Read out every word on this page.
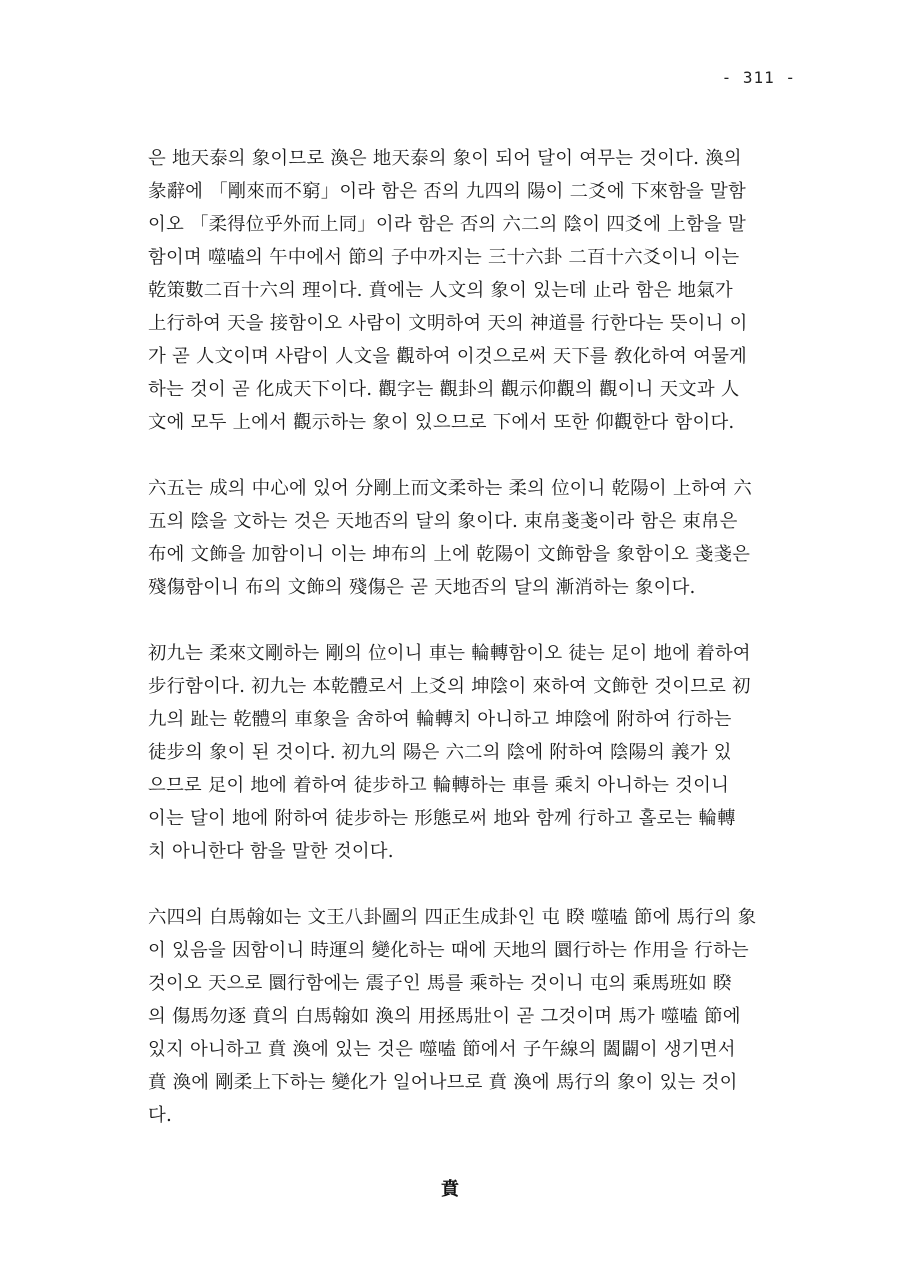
- 311 -
은 地天泰의 象이므로 渙은 地天泰의 象이 되어 달이 여무는 것이다. 渙의
彖辭에 「剛來而不窮」이라 함은 否의 九四의 陽이 二爻에 下來함을 말함
이오 「柔得位乎外而上同」이라 함은 否의 六二의 陰이 四爻에 上함을 말
함이며 噬嗑의 午中에서 節의 子中까지는 三十六卦 二百十六爻이니 이는
乾策數二百十六의 理이다. 賁에는 人文의 象이 있는데 止라 함은 地氣가
上行하여 天을 接함이오 사람이 文明하여 天의 神道를 行한다는 뜻이니 이
가 곧 人文이며 사람이 人文을 觀하여 이것으로써 天下를 敎化하여 여물게
하는 것이 곧 化成天下이다. 觀字는 觀卦의 觀示仰觀의 觀이니 天文과 人
文에 모두 上에서 觀示하는 象이 있으므로 下에서 또한 仰觀한다 함이다.
六五는 成의 中心에 있어 分剛上而文柔하는 柔의 位이니 乾陽이 上하여 六
五의 陰을 文하는 것은 天地否의 달의 象이다. 束帛戔戔이라 함은 束帛은
布에 文飾을 加함이니 이는 坤布의 上에 乾陽이 文飾함을 象함이오 戔戔은
殘傷함이니 布의 文飾의 殘傷은 곧 天地否의 달의 漸消하는 象이다.
初九는 柔來文剛하는 剛의 位이니 車는 輪轉함이오 徒는 足이 地에 着하여
步行함이다. 初九는 本乾體로서 上爻의 坤陰이 來하여 文飾한 것이므로 初
九의 趾는 乾體의 車象을 舍하여 輪轉치 아니하고 坤陰에 附하여 行하는
徒步의 象이 된 것이다. 初九의 陽은 六二의 陰에 附하여 陰陽의 義가 있
으므로 足이 地에 着하여 徒步하고 輪轉하는 車를 乘치 아니하는 것이니
이는 달이 地에 附하여 徒步하는 形態로써 地와 함께 行하고 홀로는 輪轉
치 아니한다 함을 말한 것이다.
六四의 白馬翰如는 文王八卦圖의 四正生成卦인 屯 睽 噬嗑 節에 馬行의 象
이 있음을 因함이니 時運의 變化하는 때에 天地의 圜行하는 作用을 行하는
것이오 天으로 圜行함에는 震子인 馬를 乘하는 것이니 屯의 乘馬班如 睽
의 傷馬勿逐 賁의 白馬翰如 渙의 用拯馬壯이 곧 그것이며 馬가 噬嗑 節에
있지 아니하고 賁 渙에 있는 것은 噬嗑 節에서 子午線의 闔闢이 생기면서
賁 渙에 剛柔上下하는 變化가 일어나므로 賁 渙에 馬行의 象이 있는 것이
다.
賁
